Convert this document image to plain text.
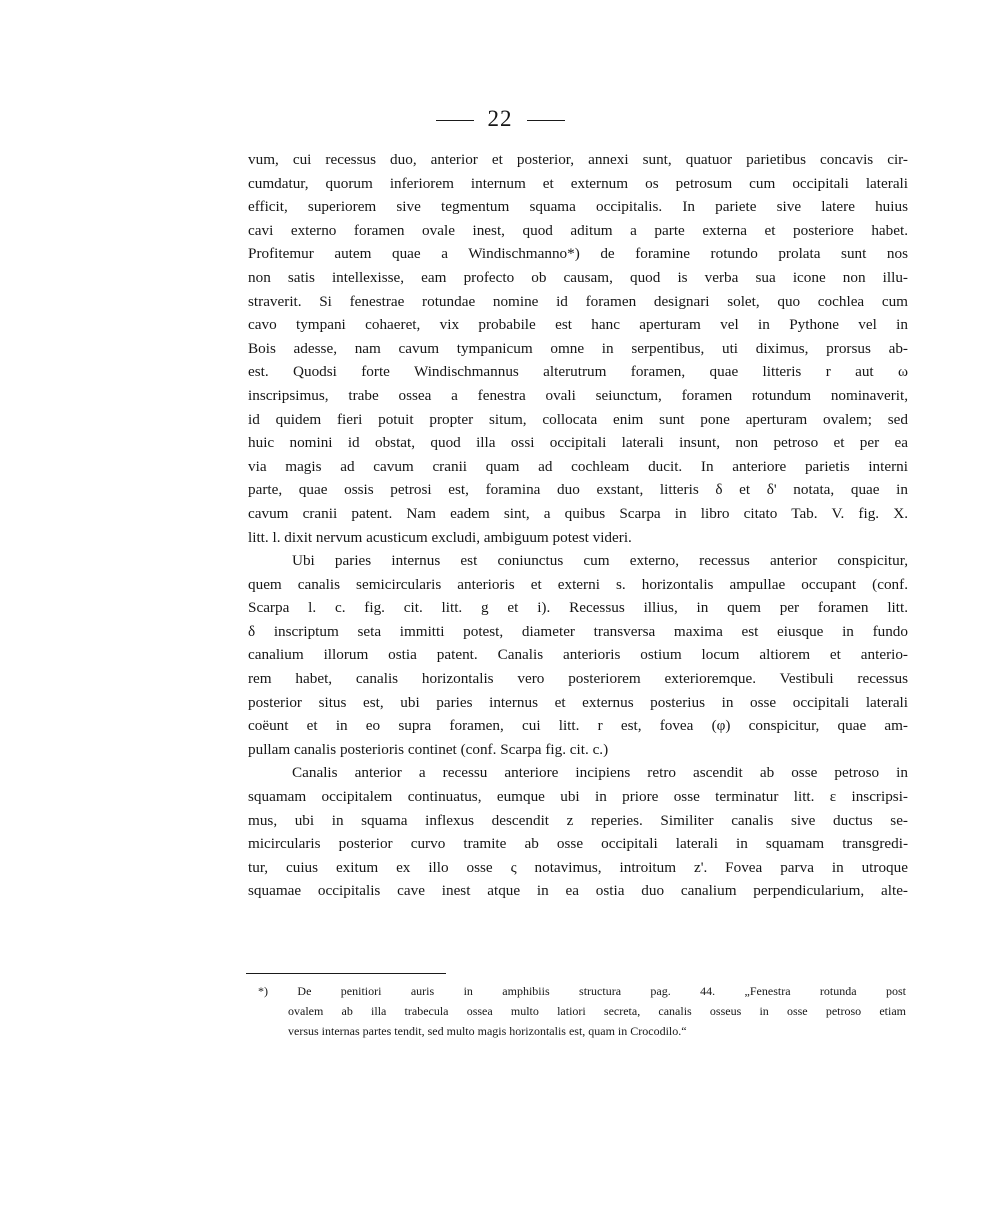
22
vum, cui recessus duo, anterior et posterior, annexi sunt, quatuor parietibus concavis cir-
cumdatur, quorum inferiorem internum et externum os petrosum cum occipitali laterali
efficit, superiorem sive tegmentum squama occipitalis. In pariete sive latere huius
cavi externo foramen ovale inest, quod aditum a parte externa et posteriore habet.
Profitemur autem quae a Windischmanno*) de foramine rotundo prolata sunt nos
non satis intellexisse, eam profecto ob causam, quod is verba sua icone non illu-
straverit. Si fenestrae rotundae nomine id foramen designari solet, quo cochlea cum
cavo tympani cohaeret, vix probabile est hanc aperturam vel in Pythone vel in
Bois adesse, nam cavum tympanicum omne in serpentibus, uti diximus, prorsus ab-
est. Quodsi forte Windischmannus alterutrum foramen, quae litteris r aut ω
inscripsimus, trabe ossea a fenestra ovali seiunctum, foramen rotundum nominaverit,
id quidem fieri potuit propter situm, collocata enim sunt pone aperturam ovalem; sed
huic nomini id obstat, quod illa ossi occipitali laterali insunt, non petroso et per ea
via magis ad cavum cranii quam ad cochleam ducit. In anteriore parietis interni
parte, quae ossis petrosi est, foramina duo exstant, litteris δ et δ' notata, quae in
cavum cranii patent. Nam eadem sint, a quibus Scarpa in libro citato Tab. V. fig. X.
litt. l. dixit nervum acusticum excludi, ambiguum potest videri.
Ubi paries internus est coniunctus cum externo, recessus anterior conspicitur,
quem canalis semicircularis anterioris et externi s. horizontalis ampullae occupant (conf.
Scarpa l. c. fig. cit. litt. g et i). Recessus illius, in quem per foramen litt.
δ inscriptum seta immitti potest, diameter transversa maxima est eiusque in fundo
canalium illorum ostia patent. Canalis anterioris ostium locum altiorem et anterio-
rem habet, canalis horizontalis vero posteriorem exterioremque. Vestibuli recessus
posterior situs est, ubi paries internus et externus posterius in osse occipitali laterali
coëunt et in eo supra foramen, cui litt. r est, fovea (φ) conspicitur, quae am-
pullam canalis posterioris continet (conf. Scarpa fig. cit. c.)
Canalis anterior a recessu anteriore incipiens retro ascendit ab osse petroso in
squamam occipitalem continuatus, eumque ubi in priore osse terminatur litt. ε inscripsi-
mus, ubi in squama inflexus descendit z reperies. Similiter canalis sive ductus se-
micircularis posterior curvo tramite ab osse occipitali laterali in squamam transgredi-
tur, cuius exitum ex illo osse ς notavimus, introitum z'. Fovea parva in utroque
squamae occipitalis cave inest atque in ea ostia duo canalium perpendicularium, alte-
*) De penitiori auris in amphibiis structura pag. 44. „Fenestra rotunda post
ovalem ab illa trabecula ossea multo latiori secreta, canalis osseus in osse petroso etiam
versus internas partes tendit, sed multo magis horizontalis est, quam in Crocodilo.“
